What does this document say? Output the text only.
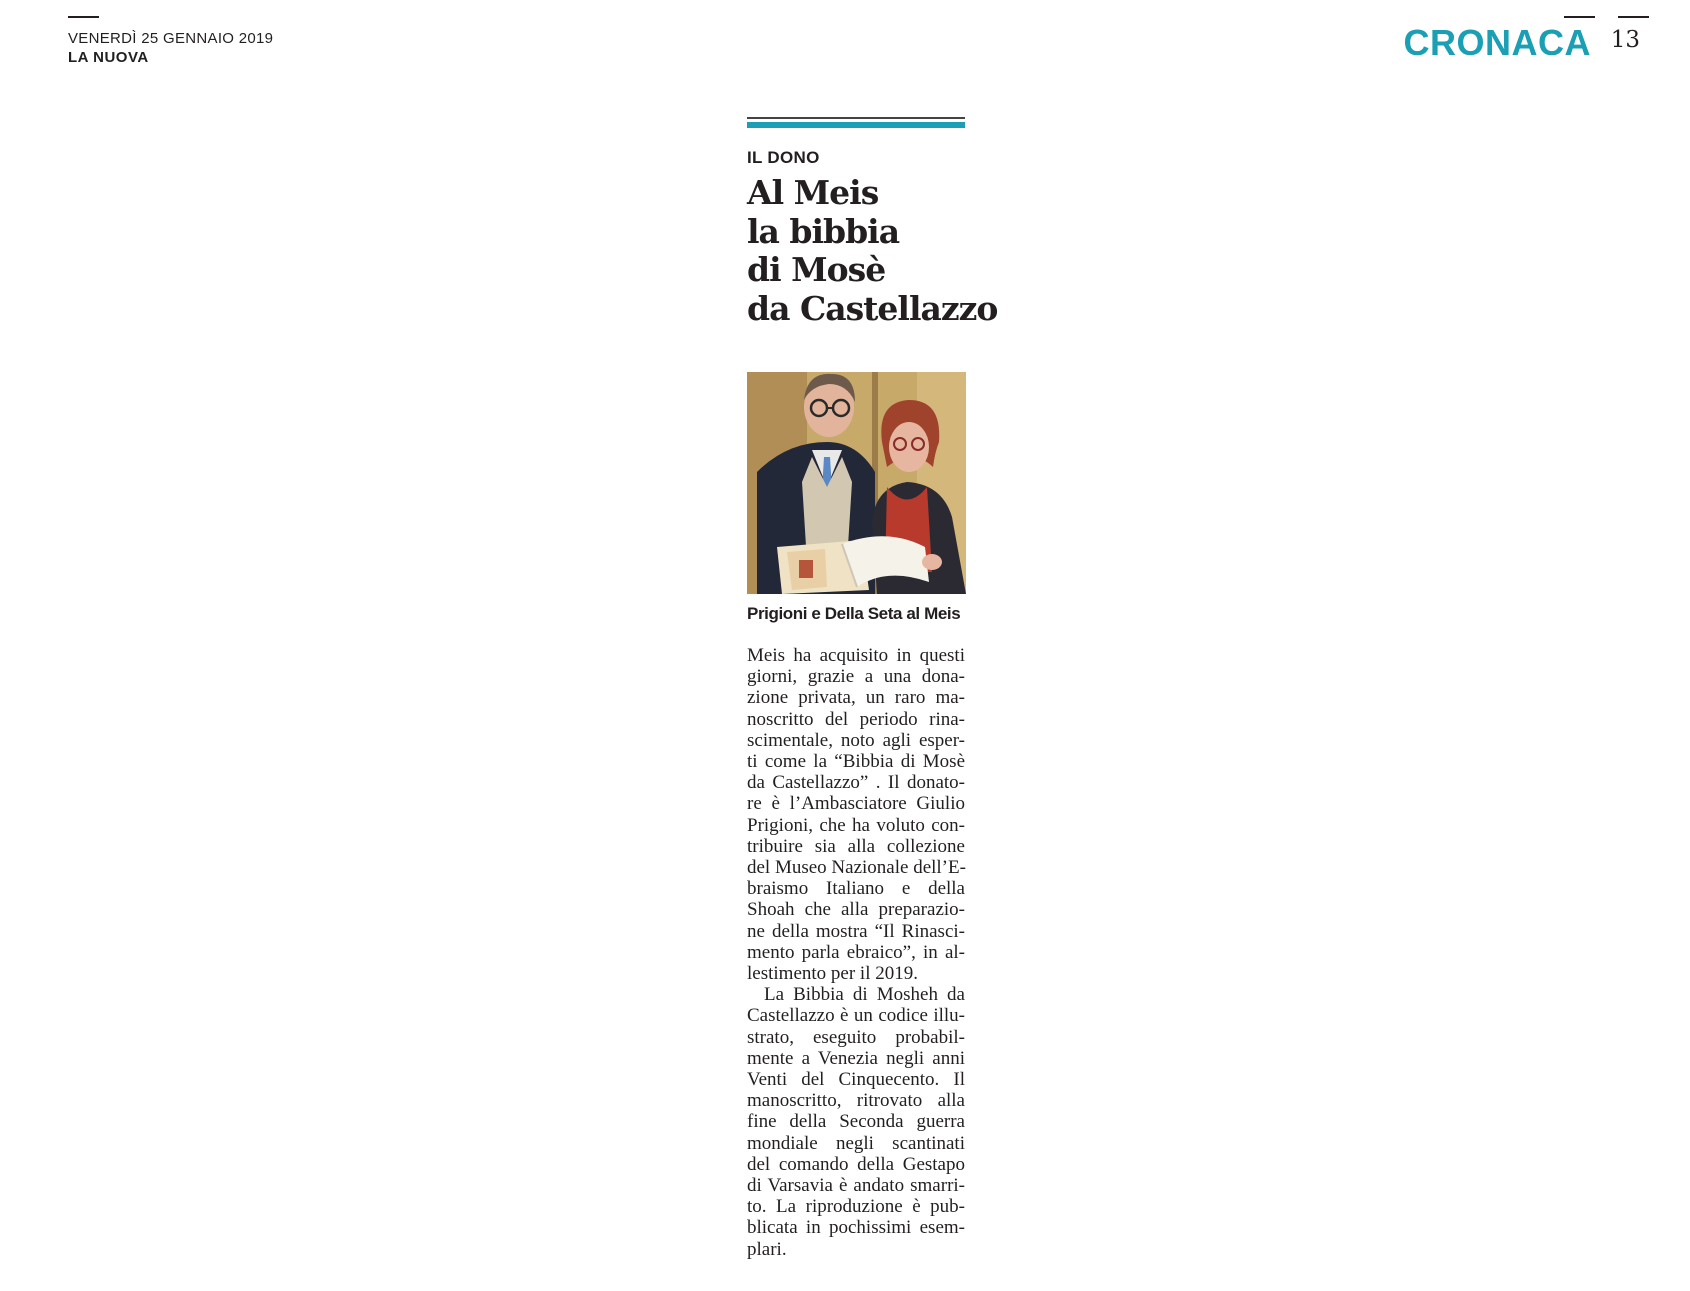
VENERDÌ 25 GENNAIO 2019
LA NUOVA	CRONACA 13
IL DONO
Al Meis
la bibbia
di Mosè
da Castellazzo
Prigioni e Della Seta al Meis
Meis ha acquisito in questi
giorni, grazie a una dona-
zione privata, un raro ma-
noscritto del periodo rina-
scimentale, noto agli esper-
ti come la “Bibbia di Mosè
da Castellazzo” . Il donato-
re è l’Ambasciatore Giulio
Prigioni, che ha voluto con-
tribuire sia alla collezione
del Museo Nazionale dell’E-
braismo Italiano e della
Shoah che alla preparazio-
ne della mostra “Il Rinasci-
mento parla ebraico”, in al-
lestimento per il 2019.
La Bibbia di Mosheh da
Castellazzo è un codice illu-
strato, eseguito probabil-
mente a Venezia negli anni
Venti del Cinquecento. Il
manoscritto, ritrovato alla
fine della Seconda guerra
mondiale negli scantinati
del comando della Gestapo
di Varsavia è andato smarri-
to. La riproduzione è pub-
blicata in pochissimi esem-
plari.
